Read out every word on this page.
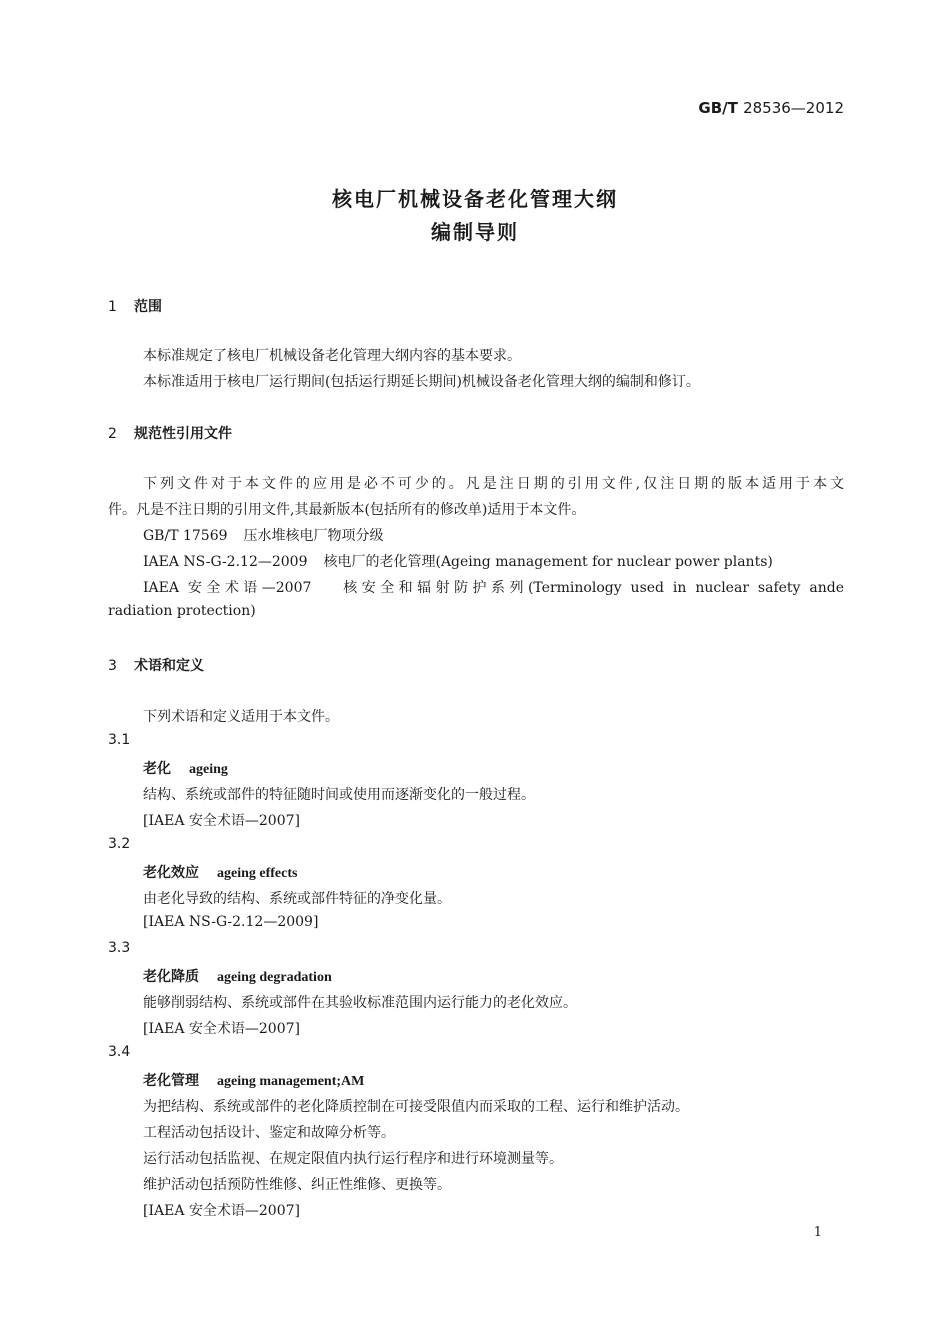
GB/T 28536—2012
核电厂机械设备老化管理大纲
编制导则
1 范围
本标准规定了核电厂机械设备老化管理大纲内容的基本要求。
本标准适用于核电厂运行期间(包括运行期延长期间)机械设备老化管理大纲的编制和修订。
2 规范性引用文件
下列文件对于本文件的应用是必不可少的。凡是注日期的引用文件,仅注日期的版本适用于本文
件。凡是不注日期的引用文件,其最新版本(包括所有的修改单)适用于本文件。
GB/T 17569 压水堆核电厂物项分级
IAEA NS-G-2.12—2009 核电厂的老化管理(Ageing management for nuclear power plants)
IAEA 安全术语—2007　 核安全和辐射防护系列(Terminology used in nuclear safety ande
radiation protection)
3 术语和定义
下列术语和定义适用于本文件。
3.1
老化 ageing
结构、系统或部件的特征随时间或使用而逐渐变化的一般过程。
[IAEA 安全术语—2007]
3.2
老化效应 ageing effects
由老化导致的结构、系统或部件特征的净变化量。
[IAEA NS-G-2.12—2009]
3.3
老化降质 ageing degradation
能够削弱结构、系统或部件在其验收标准范围内运行能力的老化效应。
[IAEA 安全术语—2007]
3.4
老化管理 ageing management;AM
为把结构、系统或部件的老化降质控制在可接受限值内而采取的工程、运行和维护活动。
工程活动包括设计、鉴定和故障分析等。
运行活动包括监视、在规定限值内执行运行程序和进行环境测量等。
维护活动包括预防性维修、纠正性维修、更换等。
[IAEA 安全术语—2007]
1
